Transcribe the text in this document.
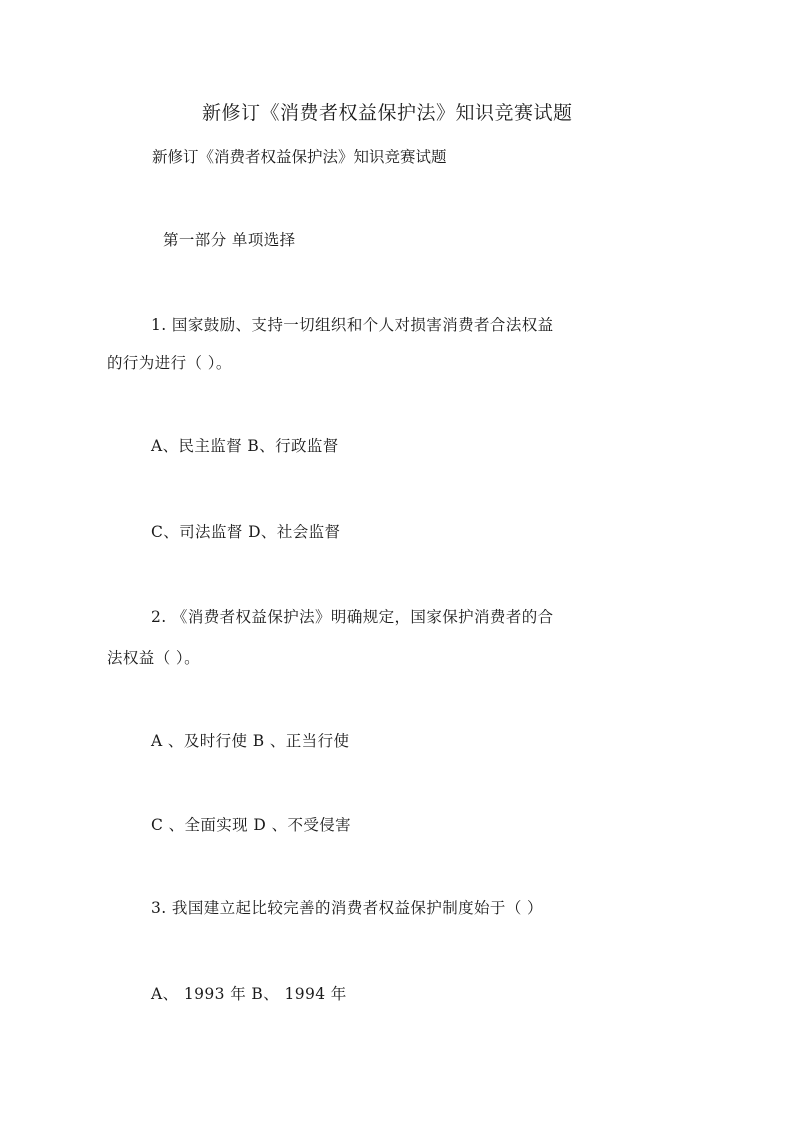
新修订《消费者权益保护法》知识竞赛试题
新修订《消费者权益保护法》知识竞赛试题
第一部分 单项选择
1. 国家鼓励、支持一切组织和个人对损害消费者合法权益
的行为进行（ ）。
A、民主监督 B、行政监督
C、司法监督 D、社会监督
2. 《消费者权益保护法》明确规定，国家保护消费者的合
法权益（ ）。
A 、及时行使 B 、正当行使
C 、全面实现 D 、不受侵害
3. 我国建立起比较完善的消费者权益保护制度始于（ ）
A、 1993 年 B、 1994 年
